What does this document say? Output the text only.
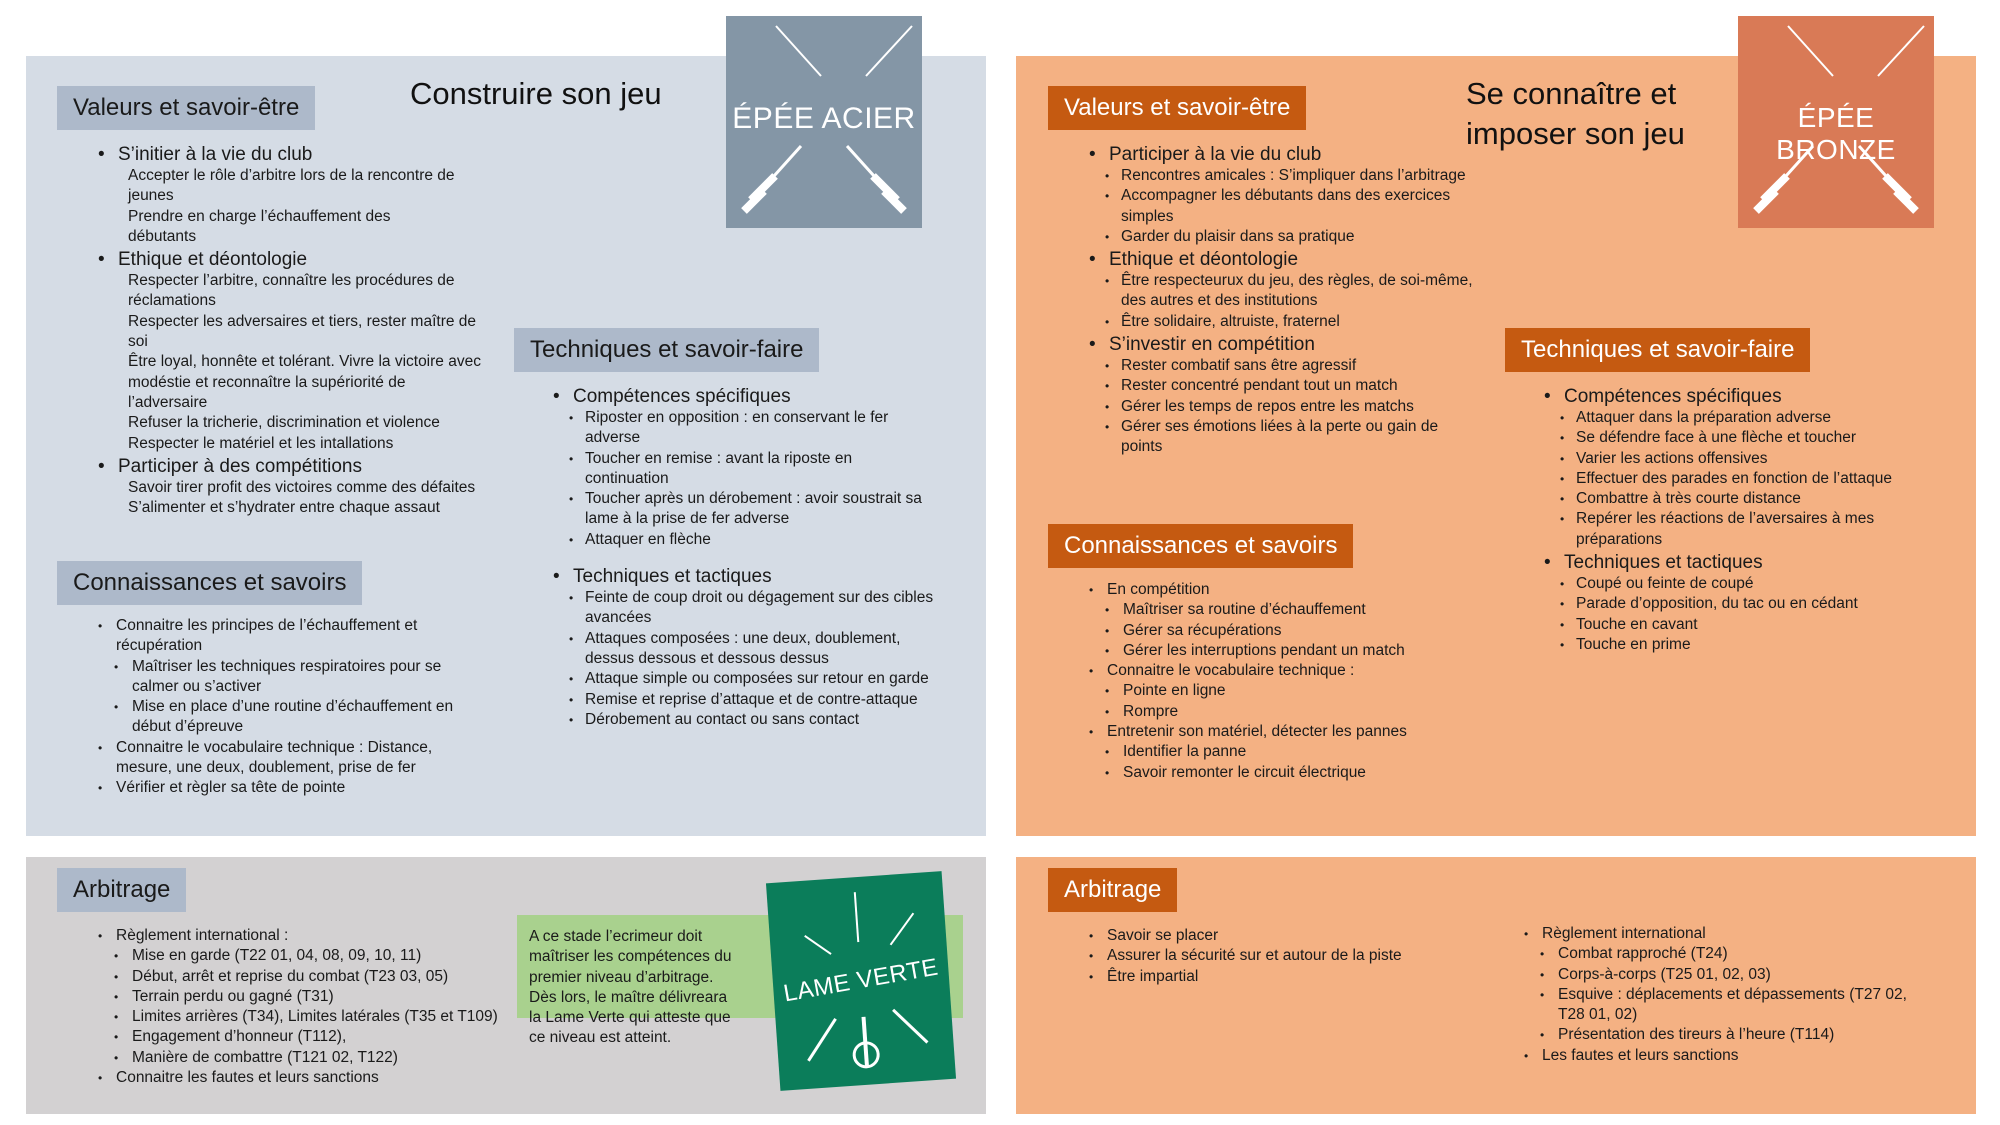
Valeurs et savoir-être	Construire son jeu
• S’initier à la vie du club
Accepter le rôle d’arbitre lors de la rencontre de jeunes
Prendre en charge l’échauffement des débutants
• Ethique et déontologie
Respecter l’arbitre, connaître les procédures de réclamations
Respecter les adversaires et tiers, rester maître de soi
Être loyal, honnête et tolérant. Vivre la victoire avec modéstie et reconnaître la supériorité de l’adversaire
Refuser la tricherie, discrimination et violence
Respecter le matériel et les intallations
• Participer à des compétitions
Savoir tirer profit des victoires comme des défaites
S’alimenter et s’hydrater entre chaque assaut
ÉPÉE ACIER
Connaissances et savoirs
• Connaitre les principes de l’échauffement et récupération
• Maîtriser les techniques respiratoires pour se calmer ou s’activer
• Mise en place d’une routine d’échauffement en début d’épreuve
• Connaitre le vocabulaire technique : Distance, mesure, une deux, doublement, prise de fer
• Vérifier et règler sa tête de pointe
Techniques et savoir-faire
• Compétences spécifiques
• Riposter en opposition : en conservant le fer adverse
• Toucher en remise : avant la riposte en continuation
• Toucher après un dérobement : avoir soustrait sa lame à la prise de fer adverse
• Attaquer en flèche
• Techniques et tactiques
• Feinte de coup droit ou dégagement sur des cibles avancées
• Attaques composées : une deux, doublement, dessus dessous et dessous dessus
• Attaque simple ou composées sur retour en garde
• Remise et reprise d’attaque et de contre-attaque
• Dérobement au contact ou sans contact
Arbitrage
• Règlement international :
• Mise en garde (T22 01, 04, 08, 09, 10, 11)
• Début, arrêt et reprise du combat (T23 03, 05)
• Terrain perdu ou gagné (T31)
• Limites arrières (T34), Limites latérales (T35 et T109)
• Engagement d’honneur (T112),
• Manière de combattre (T121 02, T122)
• Connaitre les fautes et leurs sanctions
A ce stade l’ecrimeur doit maîtriser les compétences du premier niveau d’arbitrage. Dès lors, le maître délivreara la Lame Verte qui atteste que ce niveau est atteint.
LAME VERTE
Valeurs et savoir-être	Se connaître et imposer son jeu
• Participer à la vie du club
• Rencontres amicales : S’impliquer dans l’arbitrage
• Accompagner les débutants dans des exercices simples
• Garder du plaisir dans sa pratique
• Ethique et déontologie
• Être respecteurux du jeu, des règles, de soi-même, des autres et des institutions
• Être solidaire, altruiste, fraternel
• S’investir en compétition
• Rester combatif sans être agressif
• Rester concentré pendant tout un match
• Gérer les temps de repos entre les matchs
• Gérer ses émotions liées à la perte ou gain de points
ÉPÉE BRONZE
Connaissances et savoirs
• En compétition
• Maîtriser sa routine d’échauffement
• Gérer sa récupérations
• Gérer les interruptions pendant un match
• Connaitre le vocabulaire technique :
• Pointe en ligne
• Rompre
• Entretenir son matériel, détecter les pannes
• Identifier la panne
• Savoir remonter le circuit électrique
Techniques et savoir-faire
• Compétences spécifiques
• Attaquer dans la préparation adverse
• Se défendre face à une flèche et toucher
• Varier les actions offensives
• Effectuer des parades en fonction de l’attaque
• Combattre à très courte distance
• Repérer les réactions de l’aversaires à mes préparations
• Techniques et tactiques
• Coupé ou feinte de coupé
• Parade d’opposition, du tac ou en cédant
• Touche en cavant
• Touche en prime
Arbitrage
• Savoir se placer
• Assurer la sécurité sur et autour de la piste
• Être impartial
• Règlement international
• Combat rapproché (T24)
• Corps-à-corps (T25 01, 02, 03)
• Esquive : déplacements et dépassements (T27 02, T28 01, 02)
• Présentation des tireurs à l’heure (T114)
• Les fautes et leurs sanctions
